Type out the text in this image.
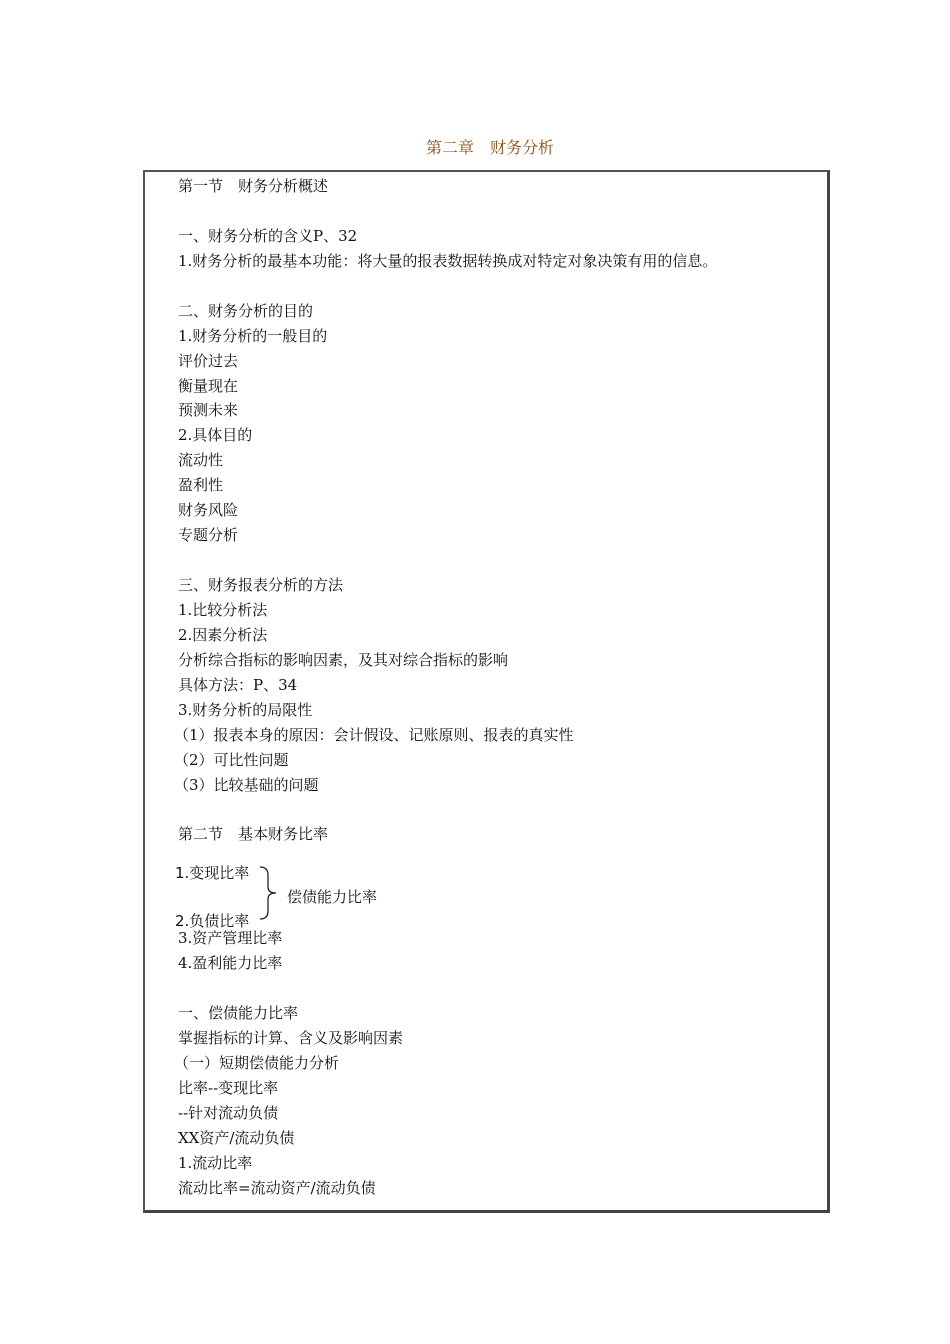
第二章　财务分析
第一节　财务分析概述
一、财务分析的含义P、32
1.财务分析的最基本功能：将大量的报表数据转换成对特定对象决策有用的信息。
二、财务分析的目的
1.财务分析的一般目的
评价过去
衡量现在
预测未来
2.具体目的
流动性
盈利性
财务风险
专题分析
三、财务报表分析的方法
1.比较分析法
2.因素分析法
分析综合指标的影响因素，及其对综合指标的影响
具体方法：P、34
3.财务分析的局限性
（1）报表本身的原因：会计假设、记账原则、报表的真实性
（2）可比性问题
（3）比较基础的问题
第二节　基本财务比率
1.变现比率
2.负债比率
偿债能力比率
3.资产管理比率
4.盈利能力比率
一、偿债能力比率
掌握指标的计算、含义及影响因素
（一）短期偿债能力分析
比率--变现比率
--针对流动负债
XX资产/流动负债
1.流动比率
流动比率=流动资产/流动负债
